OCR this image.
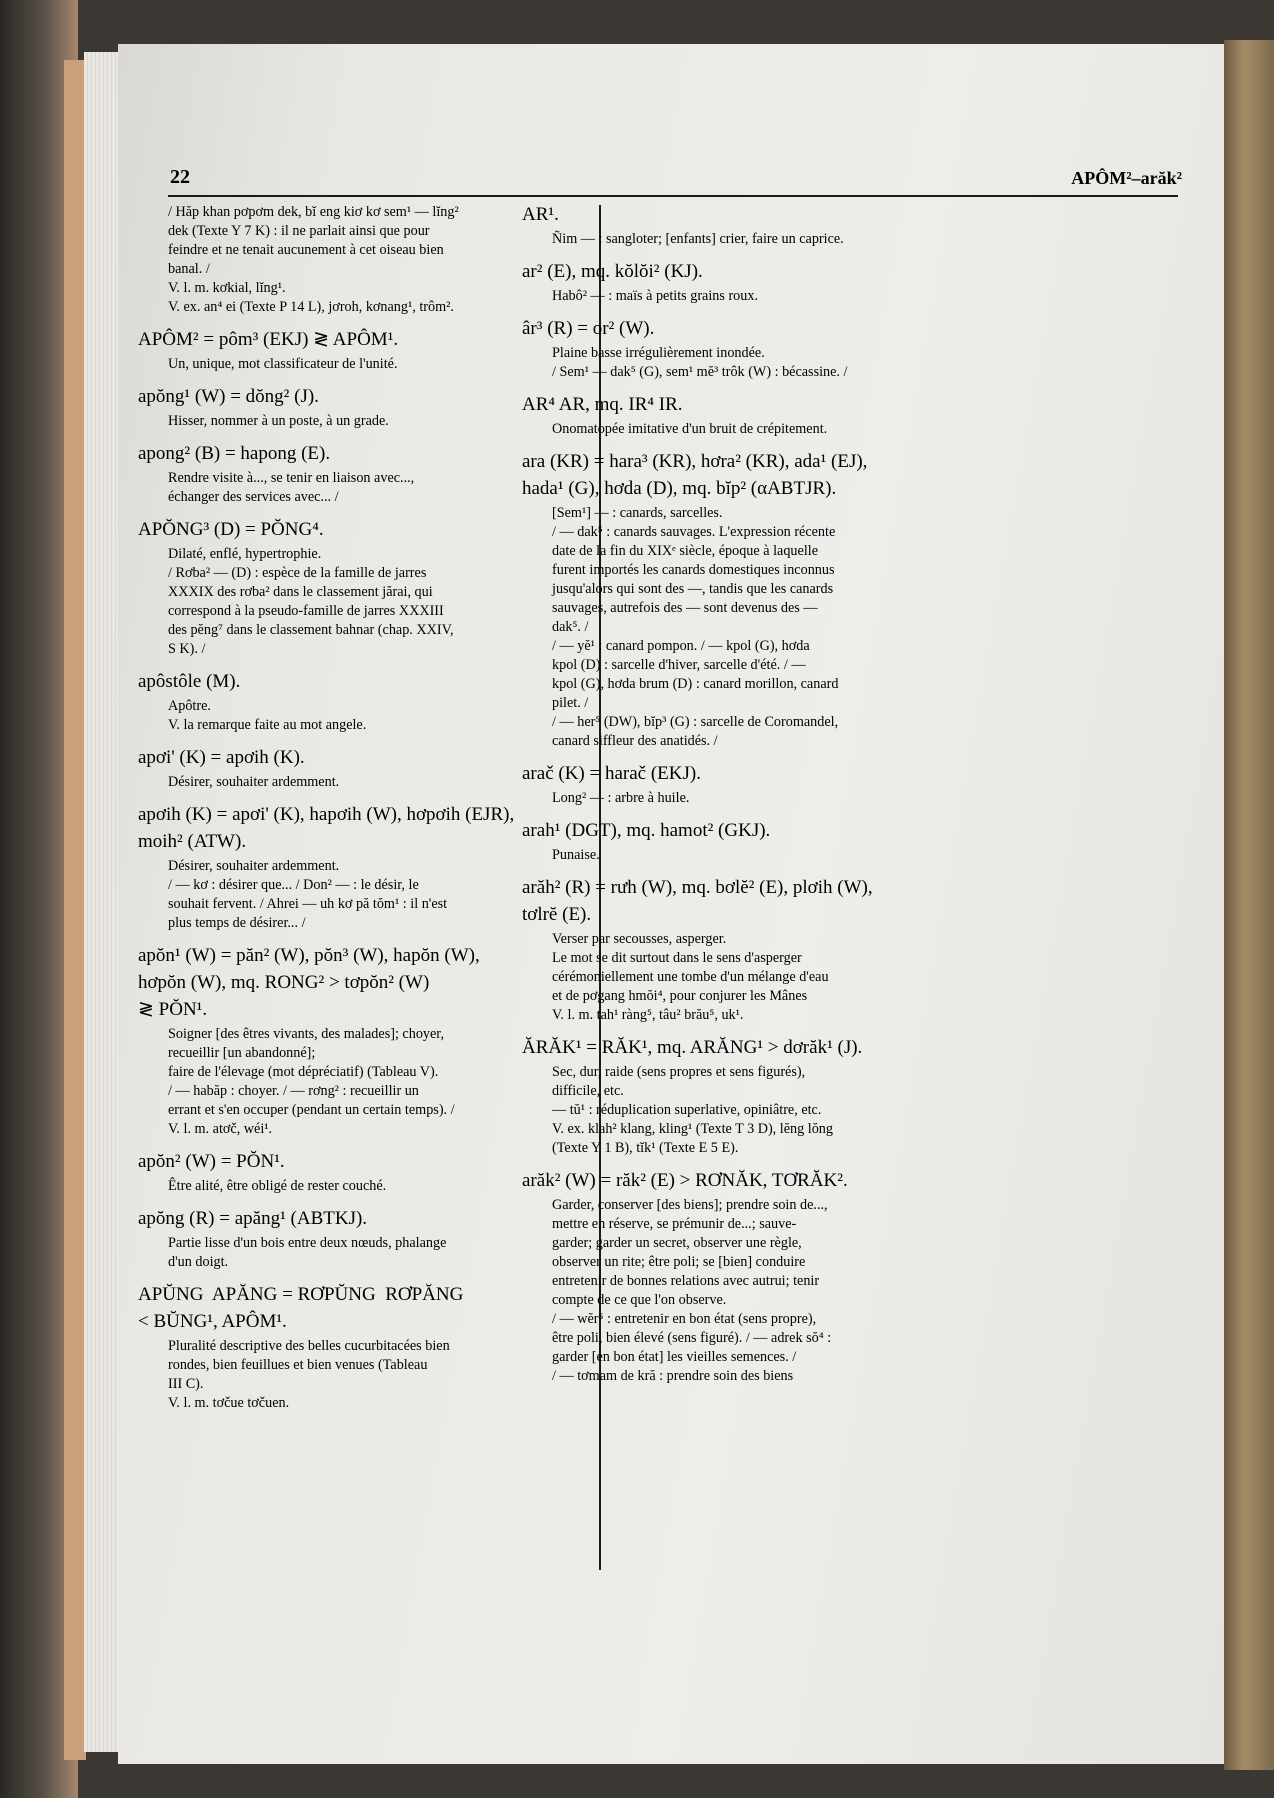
22	APÔM²–arăk²
/ Hăp khan pơpơm dek, bĭ eng kiơ kơ sem¹ — lĭng²
dek (Texte Y 7 K) : il ne parlait ainsi que pour
feindre et ne tenait aucunement à cet oiseau bien
banal. /
V. l. m. kơkial, lĭng¹.
V. ex. an⁴ ei (Texte P 14 L), jơroh, kơnang¹, trôm².
APÔM² = pôm³ (EKJ) ≷ APÔM¹.
Un, unique, mot classificateur de l'unité.
apŏng¹ (W) = dŏng² (J).
Hisser, nommer à un poste, à un grade.
apong² (B) = hapong (E).
Rendre visite à..., se tenir en liaison avec...,
échanger des services avec... /
APŎNG³ (D) = PŎNG⁴.
Dilaté, enflé, hypertrophie.
/ Rơba² — (D) : espèce de la famille de jarres
XXXIX des rơba² dans le classement jărai, qui
correspond à la pseudo-famille de jarres XXXIII
des pĕng⁷ dans le classement bahnar (chap. XXIV,
S K). /
apôstôle (M).
Apôtre.
V. la remarque faite au mot angele.
apơi' (K) = apơih (K).
Désirer, souhaiter ardemment.
apơih (K) = apơi' (K), hapơih (W), hơpơih (EJR),
moih² (ATW).
Désirer, souhaiter ardemment.
/ — kơ : désirer que... / Don² — : le désir, le
souhait fervent. / Ahrei — uh kơ pă tŏm¹ : il n'est
plus temps de désirer... /
apŏn¹ (W) = păn² (W), pŏn³ (W), hapŏn (W),
hơpŏn (W), mq. RONG² > tơpŏn² (W)
≷ PŎN¹.
Soigner [des êtres vivants, des malades]; choyer,
recueillir [un abandonné];
faire de l'élevage (mot dépréciatif) (Tableau V).
/ — habăp : choyer. / — rơng² : recueillir un
errant et s'en occuper (pendant un certain temps). /
V. l. m. atơč, wéi¹.
apŏn² (W) = PŎN¹.
Être alité, être obligé de rester couché.
apŏng (R) = apăng¹ (ABTKJ).
Partie lisse d'un bois entre deux nœuds, phalange
d'un doigt.
APŬNG  APĂNG = RƠPŬNG  RƠPĂNG
< BŬNG¹, APÔM¹.
Pluralité descriptive des belles cucurbitacées bien
rondes, bien feuillues et bien venues (Tableau
III C).
V. l. m. tơčue tơčuen.
AR¹.
Ñim — : sangloter; [enfants] crier, faire un caprice.
ar² (E), mq. kŏlŏi² (KJ).
Habô² — : maïs à petits grains roux.
âr³ (R) = or² (W).
Plaine basse irrégulièrement inondée.
/ Sem¹ — dak⁵ (G), sem¹ mĕ³ trôk (W) : bécassine. /
AR⁴ AR, mq. IR⁴ IR.
Onomatopée imitative d'un bruit de crépitement.
ara (KR) = hara³ (KR), hơra² (KR), ada¹ (EJ),
hada¹ (G), hơda (D), mq. bĭp² (αABTJR).
[Sem¹] — : canards, sarcelles.
/ — dak⁵ : canards sauvages. L'expression récente
date de la fin du XIXᵉ siècle, époque à laquelle
furent importés les canards domestiques inconnus
jusqu'alors qui sont des —, tandis que les canards
sauvages, autrefois des — sont devenus des —
dak⁵. /
/ — yĕ¹ : canard pompon. / — kpol (G), hơda
kpol (D) : sarcelle d'hiver, sarcelle d'été. / —
kpol (G), hơda brum (D) : canard morillon, canard
pilet. /
/ — her⁵ (DW), bĭp³ (G) : sarcelle de Coromandel,
canard siffleur des anatidés. /
arač (K) = harač (EKJ).
Long² — : arbre à huile.
arah¹ (DGT), mq. hamot² (GKJ).
Punaise.
arăh² (R) = rưh (W), mq. bơlĕ² (E), plơih (W),
tơlrĕ (E).
Verser par secousses, asperger.
Le mot se dit surtout dans le sens d'asperger
cérémoniellement une tombe d'un mélange d'eau
et de pơgang hmŏi⁴, pour conjurer les Mânes
V. l. m. tah¹ ràng⁵, tâu² brău⁵, uk¹.
ĂRĂK¹ = RĂK¹, mq. ARĂNG¹ > dơrăk¹ (J).
Sec, dur, raide (sens propres et sens figurés),
difficile, etc.
— tŭ¹ : réduplication superlative, opiniâtre, etc.
V. ex. klah² klang, kling¹ (Texte T 3 D), lĕng lŏng
(Texte Y 1 B), tĭk¹ (Texte E 5 E).
arăk² (W) = răk² (E) > RƠNĂK, TƠRĂK².
Garder, conserver [des biens]; prendre soin de...,
mettre en réserve, se prémunir de...; sauve-
garder; garder un secret, observer une règle,
observer un rite; être poli; se [bien] conduire
entretenir de bonnes relations avec autrui; tenir
compte de ce que l'on observe.
/ — wĕr⁵ : entretenir en bon état (sens propre),
être poli, bien élevé (sens figuré). / — adrek sŏ⁴ :
garder [en bon état] les vieilles semences. /
/ — tơmam de kră : prendre soin des biens
